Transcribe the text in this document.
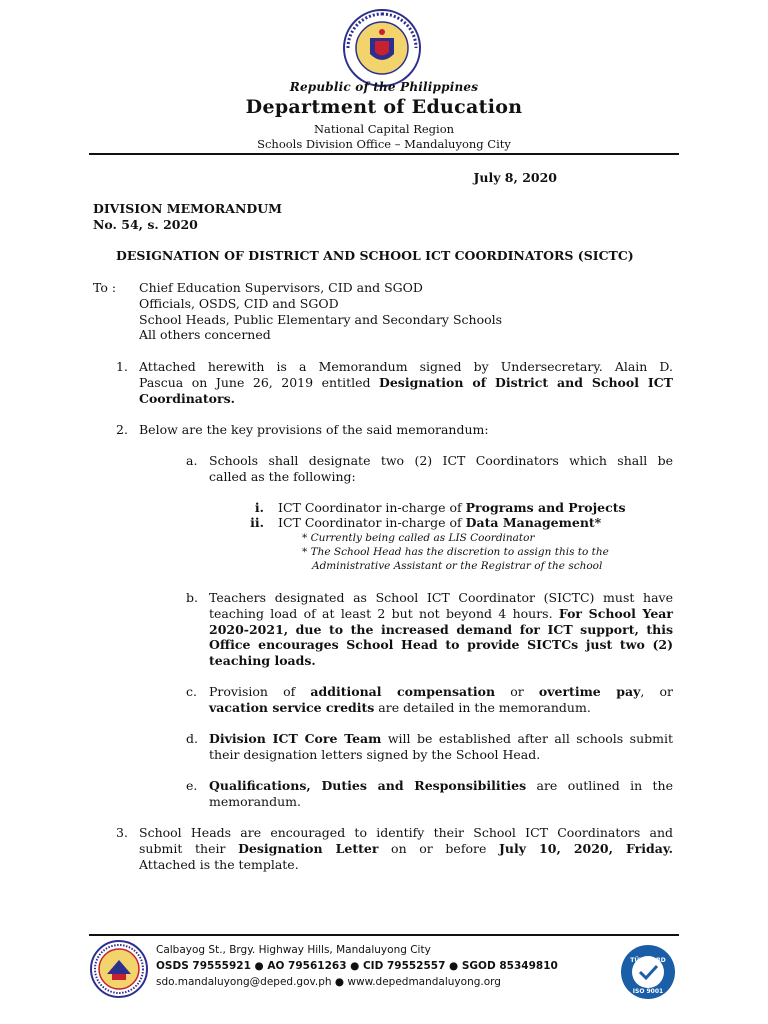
Republic of the Philippines
Department of Education
National Capital Region
Schools Division Office – Mandaluyong City
July 8, 2020
DIVISION MEMORANDUM
No. 54, s. 2020
DESIGNATION OF DISTRICT AND SCHOOL ICT COORDINATORS (SICTC)
To : Chief Education Supervisors, CID and SGOD
Officials, OSDS, CID and SGOD
School Heads, Public Elementary and Secondary Schools
All others concerned
1. Attached herewith is a Memorandum signed by Undersecretary. Alain D.
Pascua on June 26, 2019 entitled Designation of District and School ICT
Coordinators.
2. Below are the key provisions of the said memorandum:
a. Schools shall designate two (2) ICT Coordinators which shall be
called as the following:
i. ICT Coordinator in-charge of Programs and Projects
ii. ICT Coordinator in-charge of Data Management*
* Currently being called as LIS Coordinator
* The School Head has the discretion to assign this to the
Administrative Assistant or the Registrar of the school
b. Teachers designated as School ICT Coordinator (SICTC) must have
teaching load of at least 2 but not beyond 4 hours. For School Year
2020-2021, due to the increased demand for ICT support, this
Office encourages School Head to provide SICTCs just two (2)
teaching loads.
c. Provision of additional compensation or overtime pay, or
vacation service credits are detailed in the memorandum.
d. Division ICT Core Team will be established after all schools submit
their designation letters signed by the School Head.
e. Qualifications, Duties and Responsibilities are outlined in the
memorandum.
3. School Heads are encouraged to identify their School ICT Coordinators and
submit their Designation Letter on or before July 10, 2020, Friday.
Attached is the template.
Calbayog St., Brgy. Highway Hills, Mandaluyong City
OSDS 79555921 ● AO 79561263 ● CID 79552557 ● SGOD 85349810
sdo.mandaluyong@deped.gov.ph ● www.depedmandaluyong.org
TÜV NORD
ISO 9001
